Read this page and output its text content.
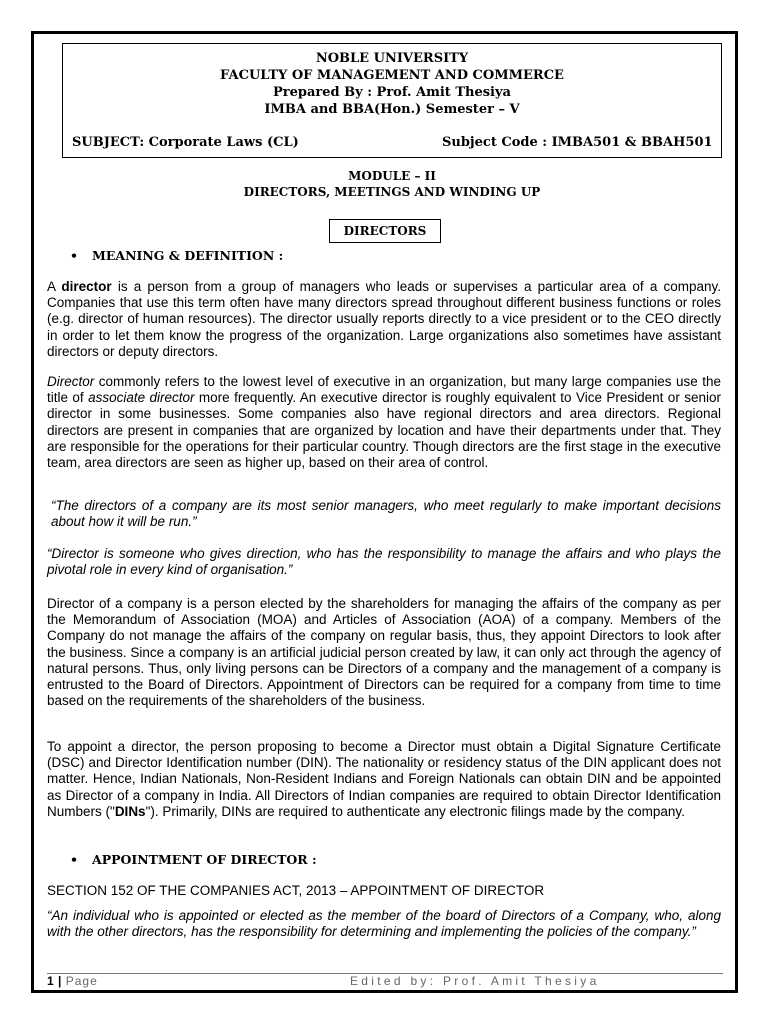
NOBLE UNIVERSITY
FACULTY OF MANAGEMENT AND COMMERCE
Prepared By : Prof. Amit Thesiya
IMBA and BBA(Hon.) Semester – V
SUBJECT: Corporate Laws (CL)	Subject Code : IMBA501 & BBAH501
MODULE – II
DIRECTORS, MEETINGS AND WINDING UP
DIRECTORS
• MEANING & DEFINITION :

A director is a person from a group of managers who leads or supervises a particular area of a company. Companies that use this term often have many directors spread throughout different business functions or roles (e.g. director of human resources). The director usually reports directly to a vice president or to the CEO directly in order to let them know the progress of the organization. Large organizations also sometimes have assistant directors or deputy directors.

Director commonly refers to the lowest level of executive in an organization, but many large companies use the title of associate director more frequently. An executive director is roughly equivalent to Vice President or senior director in some businesses. Some companies also have regional directors and area directors. Regional directors are present in companies that are organized by location and have their departments under that. They are responsible for the operations for their particular country. Though directors are the first stage in the executive team, area directors are seen as higher up, based on their area of control.

“The directors of a company are its most senior managers, who meet regularly to make important decisions about how it will be run.”
“Director is someone who gives direction, who has the responsibility to manage the affairs and who plays the pivotal role in every kind of organisation.”

Director of a company is a person elected by the shareholders for managing the affairs of the company as per the Memorandum of Association (MOA) and Articles of Association (AOA) of a company. Members of the Company do not manage the affairs of the company on regular basis, thus, they appoint Directors to look after the business. Since a company is an artificial judicial person created by law, it can only act through the agency of natural persons. Thus, only living persons can be Directors of a company and the management of a company is entrusted to the Board of Directors. Appointment of Directors can be required for a company from time to time based on the requirements of the shareholders of the business.

To appoint a director, the person proposing to become a Director must obtain a Digital Signature Certificate (DSC) and Director Identification number (DIN). The nationality or residency status of the DIN applicant does not matter. Hence, Indian Nationals, Non-Resident Indians and Foreign Nationals can obtain DIN and be appointed as Director of a company in India. All Directors of Indian companies are required to obtain Director Identification Numbers ("DINs"). Primarily, DINs are required to authenticate any electronic filings made by the company.

• APPOINTMENT OF DIRECTOR :
SECTION 152 OF THE COMPANIES ACT, 2013 – APPOINTMENT OF DIRECTOR
“An individual who is appointed or elected as the member of the board of Directors of a Company, who, along with the other directors, has the responsibility for determining and implementing the policies of the company.”
1 | Page	Edited by: Prof. Amit Thesiya
